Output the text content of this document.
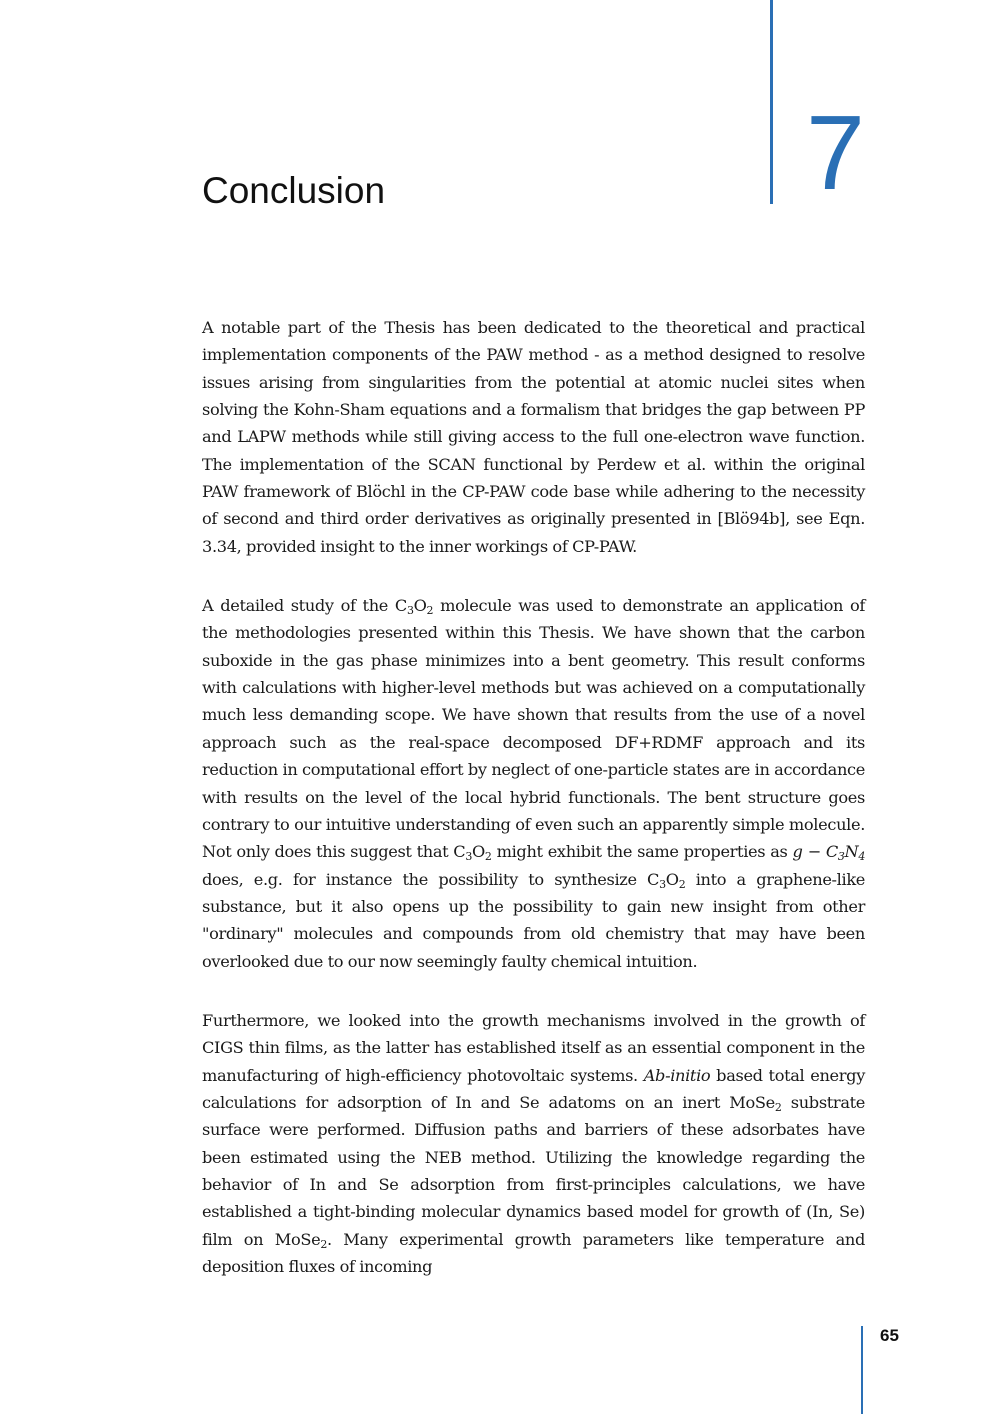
7
Conclusion

A notable part of the Thesis has been dedicated to the theoretical and practical implementation components of the PAW method - as a method designed to resolve issues arising from singularities from the potential at atomic nuclei sites when solving the Kohn-Sham equations and a formalism that bridges the gap between PP and LAPW methods while still giving access to the full one-electron wave function. The implementation of the SCAN functional by Perdew et al. within the original PAW framework of Blöchl in the CP-PAW code base while adhering to the necessity of second and third order derivatives as originally presented in [Blö94b], see Eqn. 3.34, provided insight to the inner workings of CP-PAW.

A detailed study of the $C_3O_2$ molecule was used to demonstrate an application of the methodologies presented within this Thesis. We have shown that the carbon suboxide in the gas phase minimizes into a bent geometry. This result conforms with calculations with higher-level methods but was achieved on a computationally much less demanding scope. We have shown that results from the use of a novel approach such as the real-space decomposed DF+RDMF approach and its reduction in computational effort by neglect of one-particle states are in accordance with results on the level of the local hybrid functionals. The bent structure goes contrary to our intuitive understanding of even such an apparently simple molecule. Not only does this suggest that $C_3O_2$ might exhibit the same properties as $g - C_3N_4$ does, e.g. for instance the possibility to synthesize $C_3O_2$ into a graphene-like substance, but it also opens up the possibility to gain new insight from other "ordinary" molecules and compounds from old chemistry that may have been overlooked due to our now seemingly faulty chemical intuition.

Furthermore, we looked into the growth mechanisms involved in the growth of CIGS thin films, as the latter has established itself as an essential component in the manufacturing of high-efficiency photovoltaic systems. Ab-initio based total energy calculations for adsorption of In and Se adatoms on an inert MoSe$_2$ substrate surface were performed. Diffusion paths and barriers of these adsorbates have been estimated using the NEB method. Utilizing the knowledge regarding the behavior of In and Se adsorption from first-principles calculations, we have established a tight-binding molecular dynamics based model for growth of (In, Se) film on MoSe$_2$. Many experimental growth parameters like temperature and deposition fluxes of incoming

65
